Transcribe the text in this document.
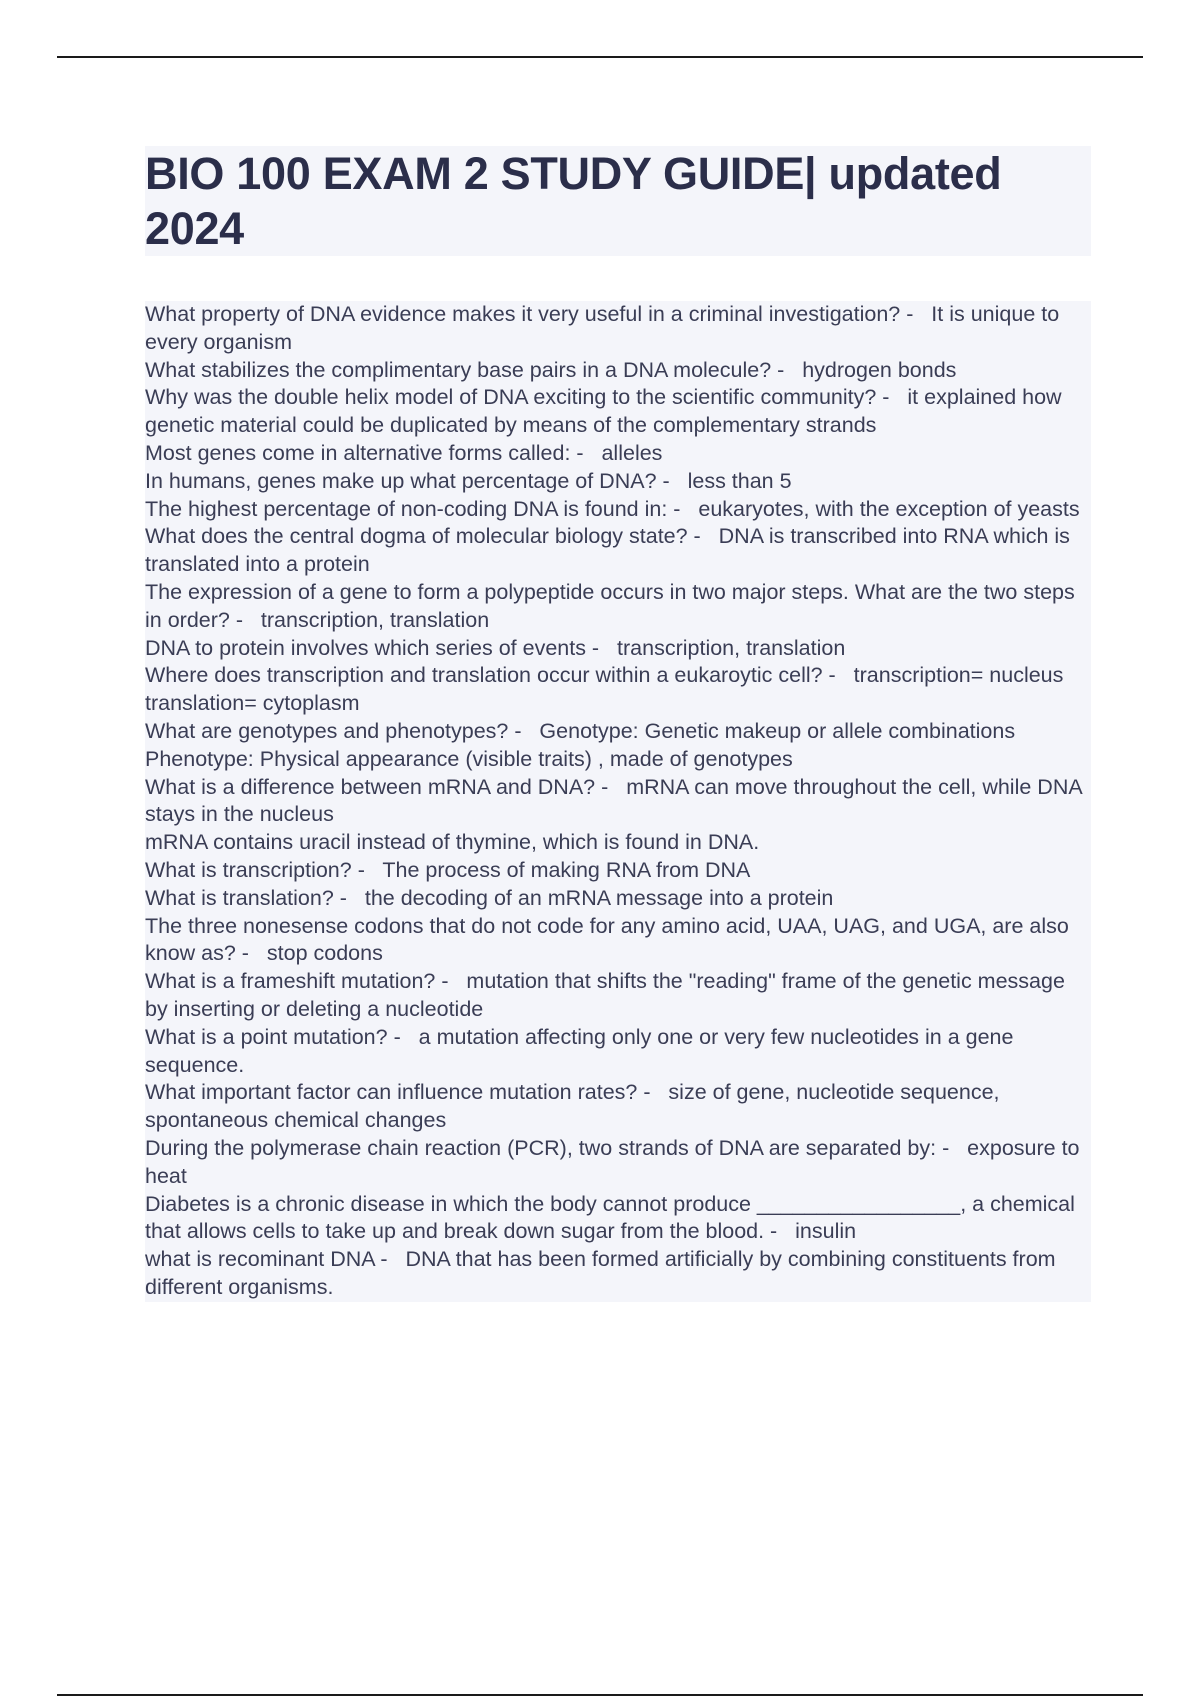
BIO 100 EXAM 2 STUDY GUIDE| updated 2024

What property of DNA evidence makes it very useful in a criminal investigation? -   It is unique to every organism

What stabilizes the complimentary base pairs in a DNA molecule? -   hydrogen bonds

Why was the double helix model of DNA exciting to the scientific community? -   it explained how genetic material could be duplicated by means of the complementary strands

Most genes come in alternative forms called: -   alleles

In humans, genes make up what percentage of DNA? -   less than 5

The highest percentage of non-coding DNA is found in: -   eukaryotes, with the exception of yeasts

What does the central dogma of molecular biology state? -   DNA is transcribed into RNA which is translated into a protein

The expression of a gene to form a polypeptide occurs in two major steps. What are the two steps in order? -   transcription, translation

DNA to protein involves which series of events -   transcription, translation

Where does transcription and translation occur within a eukaroytic cell? -   transcription= nucleus
translation= cytoplasm

What are genotypes and phenotypes? -   Genotype: Genetic makeup or allele combinations
Phenotype: Physical appearance (visible traits) , made of genotypes

What is a difference between mRNA and DNA? -   mRNA can move throughout the cell, while DNA stays in the nucleus
mRNA contains uracil instead of thymine, which is found in DNA.

What is transcription? -   The process of making RNA from DNA

What is translation? -   the decoding of an mRNA message into a protein

The three nonesense codons that do not code for any amino acid, UAA, UAG, and UGA, are also know as? -   stop codons

What is a frameshift mutation? -   mutation that shifts the "reading" frame of the genetic message by inserting or deleting a nucleotide

What is a point mutation? -   a mutation affecting only one or very few nucleotides in a gene sequence.

What important factor can influence mutation rates? -   size of gene, nucleotide sequence, spontaneous chemical changes

During the polymerase chain reaction (PCR), two strands of DNA are separated by: -   exposure to heat

Diabetes is a chronic disease in which the body cannot produce _________________, a chemical that allows cells to take up and break down sugar from the blood. -   insulin

what is recominant DNA -   DNA that has been formed artificially by combining constituents from different organisms.
